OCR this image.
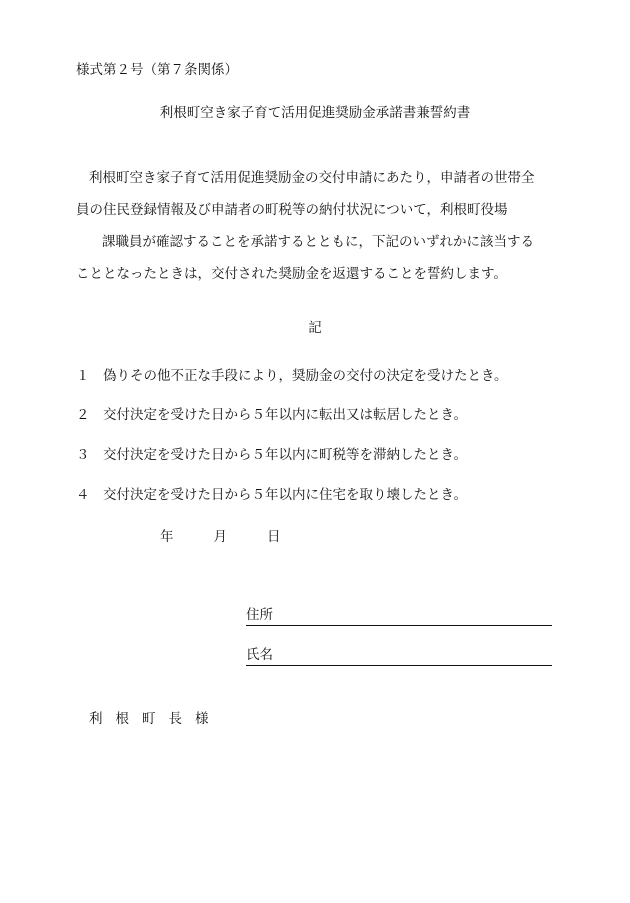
様式第２号（第７条関係）
利根町空き家子育て活用促進奨励金承諾書兼誓約書
利根町空き家子育て活用促進奨励金の交付申請にあたり，申請者の世帯全
員の住民登録情報及び申請者の町税等の納付状況について，利根町役場
課職員が確認することを承諾するとともに，下記のいずれかに該当する
こととなったときは，交付された奨励金を返還することを誓約します。
記
１ 偽りその他不正な手段により，奨励金の交付の決定を受けたとき。
２ 交付決定を受けた日から５年以内に転出又は転居したとき。
３ 交付決定を受けた日から５年以内に町税等を滞納したとき。
４ 交付決定を受けた日から５年以内に住宅を取り壊したとき。
年	月	日
住所
氏名
利根町長様
